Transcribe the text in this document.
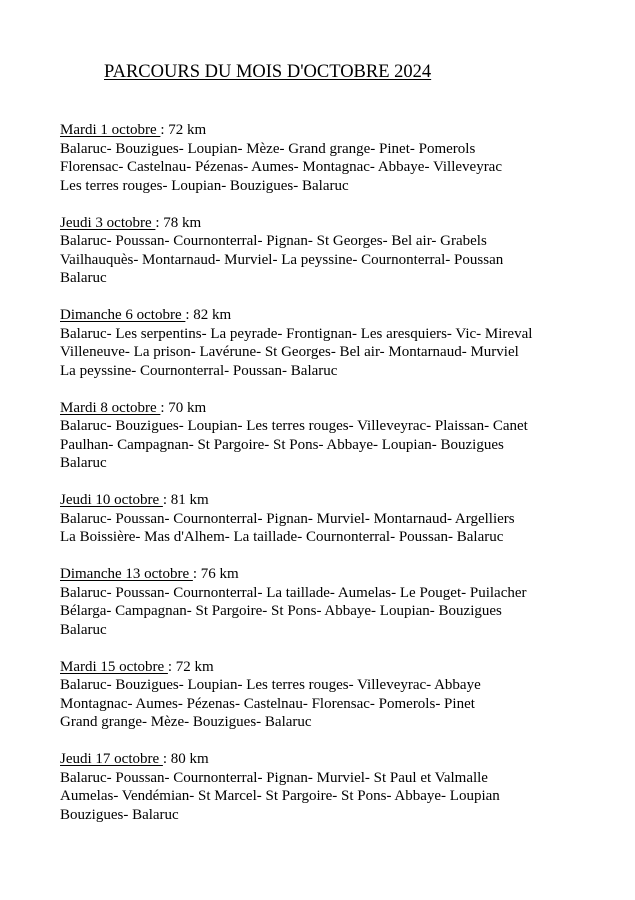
PARCOURS DU MOIS D'OCTOBRE 2024
Mardi 1 octobre : 72 km
Balaruc- Bouzigues- Loupian- Mèze- Grand grange- Pinet- Pomerols
Florensac- Castelnau- Pézenas- Aumes- Montagnac- Abbaye- Villeveyrac
Les terres rouges- Loupian- Bouzigues- Balaruc
Jeudi 3 octobre : 78 km
Balaruc- Poussan- Cournonterral- Pignan- St Georges- Bel air- Grabels
Vailhauquès- Montarnaud- Murviel- La peyssine- Cournonterral- Poussan
Balaruc
Dimanche 6 octobre : 82 km
Balaruc- Les serpentins- La peyrade- Frontignan- Les aresquiers- Vic- Mireval
Villeneuve- La prison- Lavérune- St Georges- Bel air- Montarnaud- Murviel
La peyssine- Cournonterral- Poussan- Balaruc
Mardi 8 octobre : 70 km
Balaruc- Bouzigues- Loupian- Les terres rouges- Villeveyrac- Plaissan- Canet
Paulhan- Campagnan- St Pargoire- St Pons- Abbaye- Loupian- Bouzigues
Balaruc
Jeudi 10 octobre : 81 km
Balaruc- Poussan- Cournonterral- Pignan- Murviel- Montarnaud- Argelliers
La Boissière- Mas d'Alhem- La taillade- Cournonterral- Poussan- Balaruc
Dimanche 13 octobre : 76 km
Balaruc- Poussan- Cournonterral- La taillade- Aumelas- Le Pouget- Puilacher
Bélarga- Campagnan- St Pargoire- St Pons- Abbaye- Loupian- Bouzigues
Balaruc
Mardi 15 octobre : 72 km
Balaruc- Bouzigues- Loupian- Les terres rouges- Villeveyrac- Abbaye
Montagnac- Aumes- Pézenas- Castelnau- Florensac- Pomerols- Pinet
Grand grange- Mèze- Bouzigues- Balaruc
Jeudi 17 octobre : 80 km
Balaruc- Poussan- Cournonterral- Pignan- Murviel- St Paul et Valmalle
Aumelas- Vendémian- St Marcel- St Pargoire- St Pons- Abbaye- Loupian
Bouzigues- Balaruc
